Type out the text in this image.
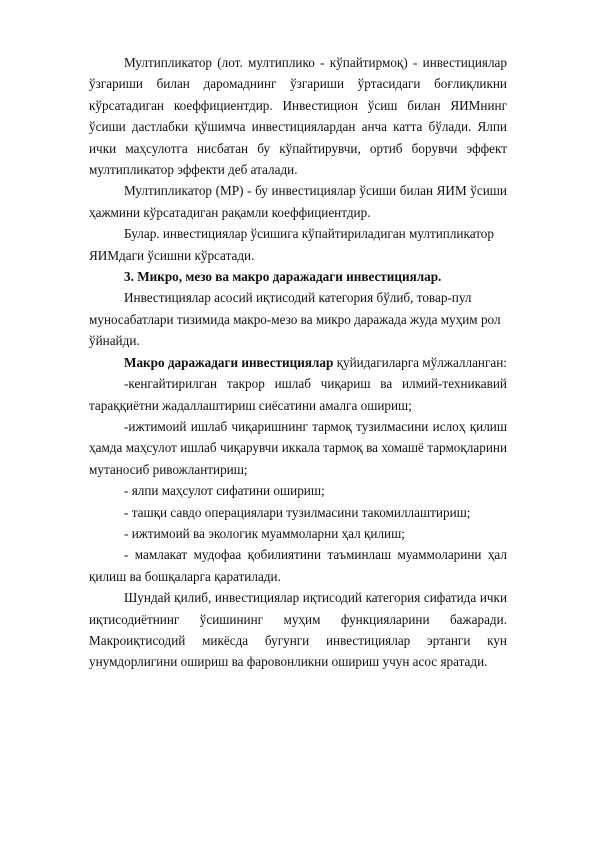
Мултипликатор (лот. мултиплико - кўпайтирмоқ) - инвестициялар ўзгариши билан даромаднинг ўзгариши ўртасидаги боғлиқликни кўрсатадиган коеффициентдир. Инвестицион ўсиш билан ЯИМнинг ўсиши дастлабки қўшимча инвестициялардан анча катта бўлади. Ялпи ички маҳсулотга нисбатан бу кўпайтирувчи, ортиб борувчи эффект мултипликатор эффекти деб аталади.

Мултипликатор (МР) - бу инвестициялар ўсиши билан ЯИМ ўсиши ҳажмини кўрсатадиган рақамли коеффициентдир.

Булар. инвестициялар ўсишига кўпайтириладиган мултипликатор ЯИМдаги ўсишни кўрсатади.

3. Микро, мезо ва макро даражадаги инвестициялар.

Инвестициялар асосий иқтисодий категория бўлиб, товар-пул муносабатлари тизимида макро-мезо ва микро даражада жуда муҳим рол ўйнайди.

Макро даражадаги инвестициялар қуйидагиларга мўлжалланган:

-кенгайтирилган такрор ишлаб чиқариш ва илмий-техникавий тараққиётни жадаллаштириш сиёсатини амалга ошириш;

-ижтимоий ишлаб чиқаришнинг тармоқ тузилмасини ислоҳ қилиш ҳамда маҳсулот ишлаб чиқарувчи иккала тармоқ ва хомашё тармоқларини мутаносиб ривожлантириш;

- ялпи маҳсулот сифатини ошириш;

- ташқи савдо операциялари тузилмасини такомиллаштириш;

- ижтимоий ва экологик муаммоларни ҳал қилиш;

- мамлакат мудофаа қобилиятини таъминлаш муаммоларини ҳал қилиш ва бошқаларга қаратилади.

Шундай қилиб, инвестициялар иқтисодий категория сифатида ички иқтисодиётнинг ўсишининг муҳим функцияларини бажаради. Макроиқтисодий микёсда бугунги инвестициялар эртанги кун унумдорлигини ошириш ва фаровонликни ошириш учун асос яратади.
